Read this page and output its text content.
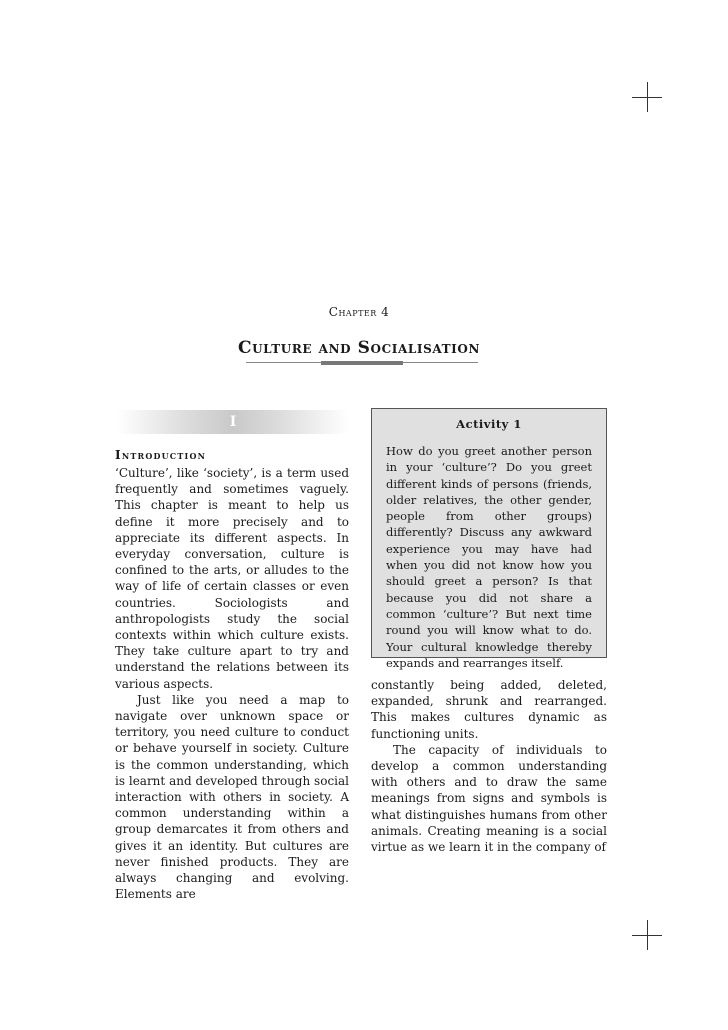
Chapter 4
Culture and Socialisation
I
Introduction

‘Culture’, like ‘society’, is a term used frequently and sometimes vaguely. This chapter is meant to help us define it more precisely and to appreciate its different aspects. In everyday conversation, culture is confined to the arts, or alludes to the way of life of certain classes or even countries. Sociologists and anthropologists study the social contexts within which culture exists. They take culture apart to try and understand the relations between its various aspects.

Just like you need a map to navigate over unknown space or territory, you need culture to conduct or behave yourself in society. Culture is the common understanding, which is learnt and developed through social interaction with others in society. A common understanding within a group demarcates it from others and gives it an identity. But cultures are never finished products. They are always changing and evolving. Elements are

Activity 1

How do you greet another person in your ‘culture’? Do you greet different kinds of persons (friends, older relatives, the other gender, people from other groups) differently? Discuss any awkward experience you may have had when you did not know how you should greet a person? Is that because you did not share a common ‘culture’? But next time round you will know what to do. Your cultural knowledge thereby expands and rearranges itself.

constantly being added, deleted, expanded, shrunk and rearranged. This makes cultures dynamic as functioning units.

The capacity of individuals to develop a common understanding with others and to draw the same meanings from signs and symbols is what distinguishes humans from other animals. Creating meaning is a social virtue as we learn it in the company of
